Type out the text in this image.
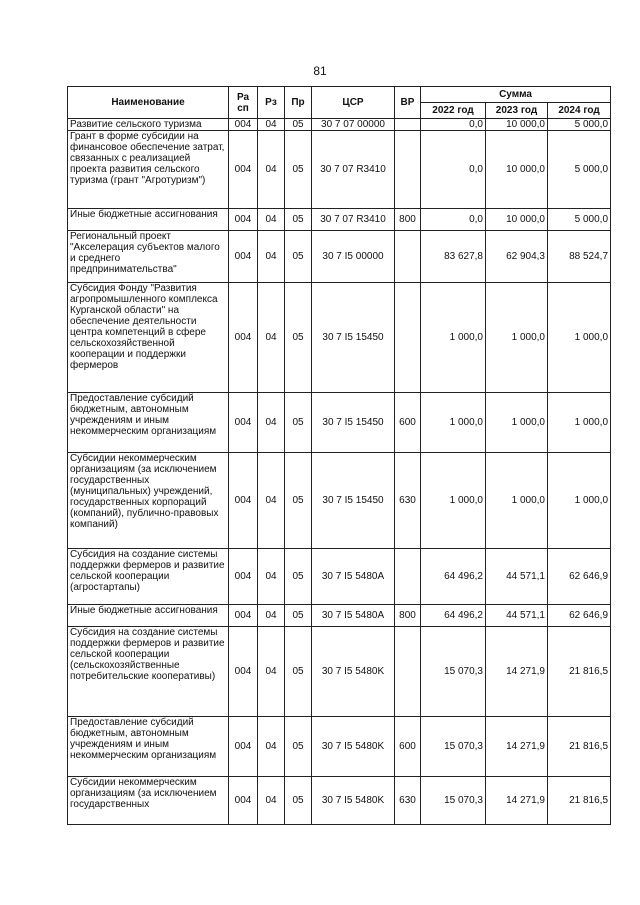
81
Наименование	Ра сп	Рз	Пр	ЦСР	ВР	Сумма		
						2022 год	2023 год	2024 год
Развитие сельского туризма	004	04	05	30 7 07 00000		0,0	10 000,0	5 000,0
Грант в форме субсидии на финансовое обеспечение затрат, связанных с реализацией проекта развития сельского туризма (грант "Агротуризм")	004	04	05	30 7 07 R3410		0,0	10 000,0	5 000,0
Иные бюджетные ассигнования	004	04	05	30 7 07 R3410	800	0,0	10 000,0	5 000,0
Региональный проект "Акселерация субъектов малого и среднего предпринимательства"	004	04	05	30 7 I5 00000		83 627,8	62 904,3	88 524,7
Субсидия Фонду "Развития агропромышленного комплекса Курганской области" на обеспечение деятельности центра компетенций в сфере сельскохозяйственной кооперации и поддержки фермеров	004	04	05	30 7 I5 15450		1 000,0	1 000,0	1 000,0
Предоставление субсидий бюджетным, автономным учреждениям и иным некоммерческим организациям	004	04	05	30 7 I5 15450	600	1 000,0	1 000,0	1 000,0
Субсидии некоммерческим организациям (за исключением государственных (муниципальных) учреждений, государственных корпораций (компаний), публично-правовых компаний)	004	04	05	30 7 I5 15450	630	1 000,0	1 000,0	1 000,0
Субсидия на создание системы поддержки фермеров и развитие сельской кооперации (агростартапы)	004	04	05	30 7 I5 5480A		64 496,2	44 571,1	62 646,9
Иные бюджетные ассигнования	004	04	05	30 7 I5 5480A	800	64 496,2	44 571,1	62 646,9
Субсидия на создание системы поддержки фермеров и развитие сельской кооперации (сельскохозяйственные потребительские кооперативы)	004	04	05	30 7 I5 5480K		15 070,3	14 271,9	21 816,5
Предоставление субсидий бюджетным, автономным учреждениям и иным некоммерческим организациям	004	04	05	30 7 I5 5480K	600	15 070,3	14 271,9	21 816,5
Субсидии некоммерческим организациям (за исключением государственных	004	04	05	30 7 I5 5480K	630	15 070,3	14 271,9	21 816,5
